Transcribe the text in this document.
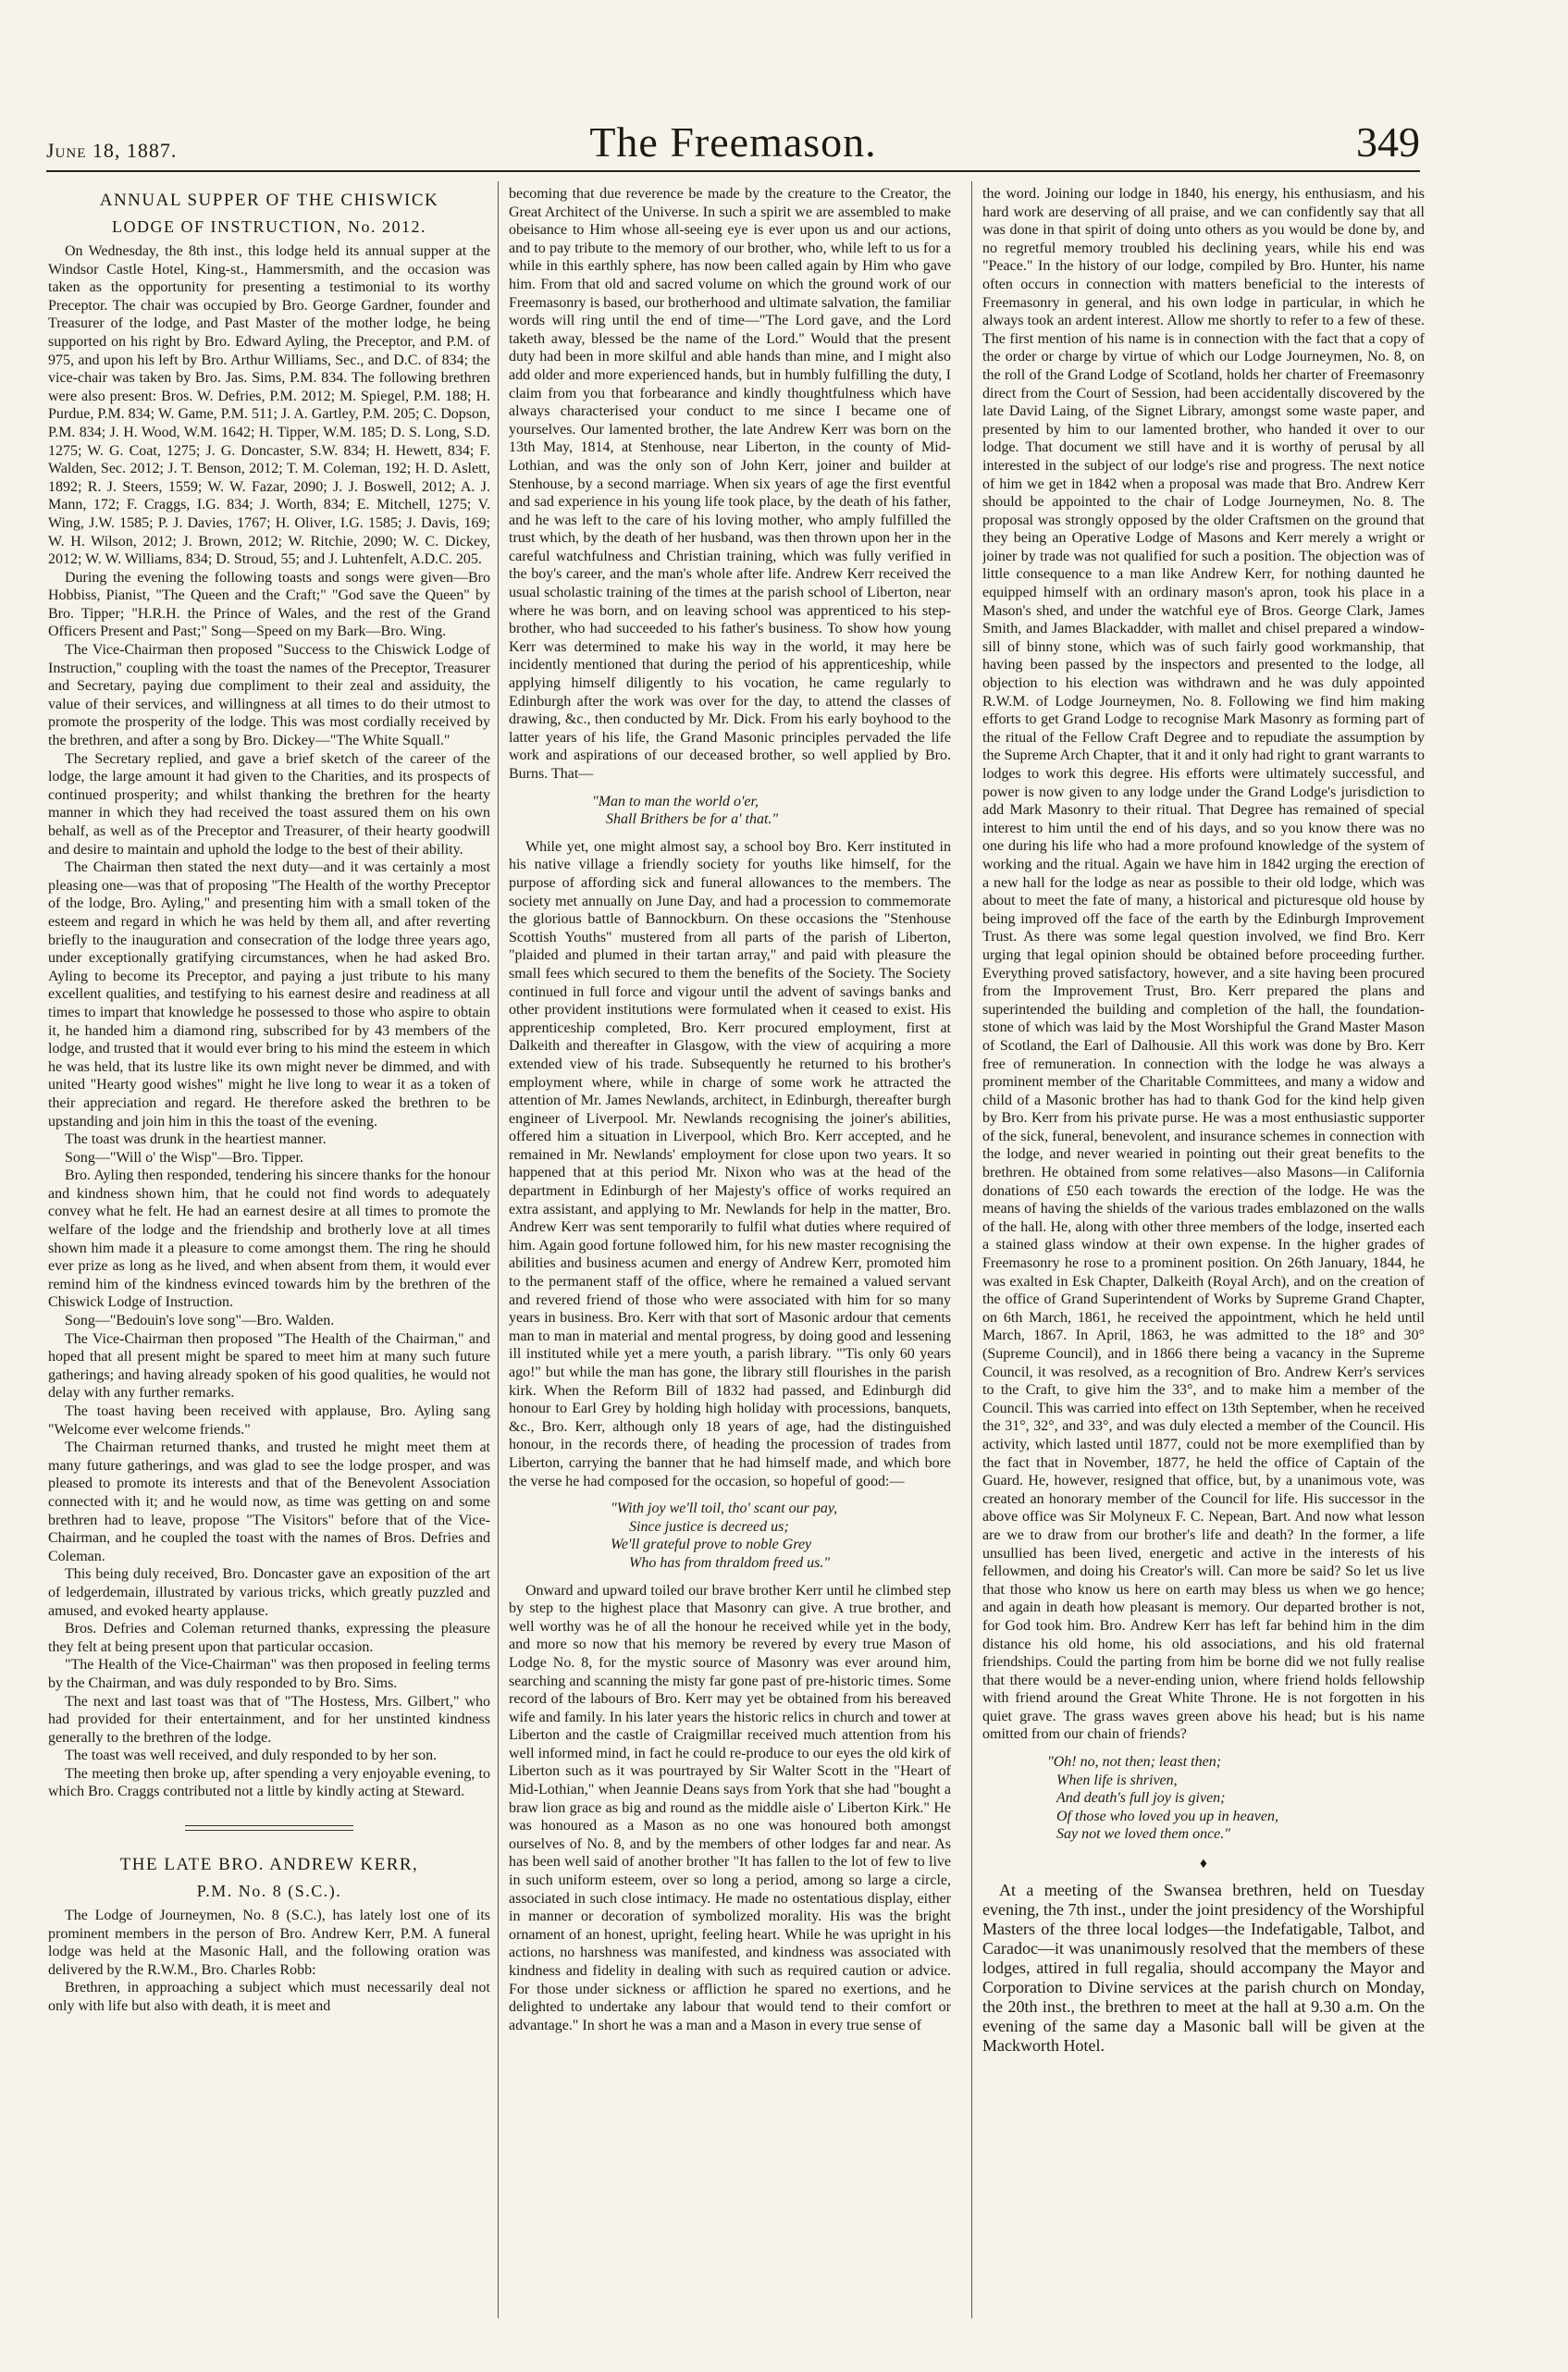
June 18, 1887.	The Freemason.	349
ANNUAL SUPPER OF THE CHISWICK
LODGE OF INSTRUCTION, No. 2012.

On Wednesday, the 8th inst., this lodge held its annual supper at the Windsor Castle Hotel, King-st., Hammersmith, and the occasion was taken as the opportunity for presenting a testimonial to its worthy Preceptor. The chair was occupied by Bro. George Gardner, founder and Treasurer of the lodge, and Past Master of the mother lodge, he being supported on his right by Bro. Edward Ayling, the Preceptor, and P.M. of 975, and upon his left by Bro. Arthur Williams, Sec., and D.C. of 834; the vice-chair was taken by Bro. Jas. Sims, P.M. 834. The following brethren were also present: Bros. W. Defries, P.M. 2012; M. Spiegel, P.M. 188; H. Purdue, P.M. 834; W. Game, P.M. 511; J. A. Gartley, P.M. 205; C. Dopson, P.M. 834; J. H. Wood, W.M. 1642; H. Tipper, W.M. 185; D. S. Long, S.D. 1275; W. G. Coat, 1275; J. G. Doncaster, S.W. 834; H. Hewett, 834; F. Walden, Sec. 2012; J. T. Benson, 2012; T. M. Coleman, 192; H. D. Aslett, 1892; R. J. Steers, 1559; W. W. Fazar, 2090; J. J. Boswell, 2012; A. J. Mann, 172; F. Craggs, I.G. 834; J. Worth, 834; E. Mitchell, 1275; V. Wing, J.W. 1585; P. J. Davies, 1767; H. Oliver, I.G. 1585; J. Davis, 169; W. H. Wilson, 2012; J. Brown, 2012; W. Ritchie, 2090; W. C. Dickey, 2012; W. W. Williams, 834; D. Stroud, 55; and J. Luhtenfelt, A.D.C. 205.

During the evening the following toasts and songs were given—Bro Hobbiss, Pianist, "The Queen and the Craft;" "God save the Queen" by Bro. Tipper; "H.R.H. the Prince of Wales, and the rest of the Grand Officers Present and Past;" Song—Speed on my Bark—Bro. Wing.

The Vice-Chairman then proposed "Success to the Chiswick Lodge of Instruction," coupling with the toast the names of the Preceptor, Treasurer and Secretary, paying due compliment to their zeal and assiduity, the value of their services, and willingness at all times to do their utmost to promote the prosperity of the lodge. This was most cordially received by the brethren, and after a song by Bro. Dickey—"The White Squall."

The Secretary replied, and gave a brief sketch of the career of the lodge, the large amount it had given to the Charities, and its prospects of continued prosperity; and whilst thanking the brethren for the hearty manner in which they had received the toast assured them on his own behalf, as well as of the Preceptor and Treasurer, of their hearty goodwill and desire to maintain and uphold the lodge to the best of their ability.

The Chairman then stated the next duty—and it was certainly a most pleasing one—was that of proposing "The Health of the worthy Preceptor of the lodge, Bro. Ayling," and presenting him with a small token of the esteem and regard in which he was held by them all, and after reverting briefly to the inauguration and consecration of the lodge three years ago, under exceptionally gratifying circumstances, when he had asked Bro. Ayling to become its Preceptor, and paying a just tribute to his many excellent qualities, and testifying to his earnest desire and readiness at all times to impart that knowledge he possessed to those who aspire to obtain it, he handed him a diamond ring, subscribed for by 43 members of the lodge, and trusted that it would ever bring to his mind the esteem in which he was held, that its lustre like its own might never be dimmed, and with united "Hearty good wishes" might he live long to wear it as a token of their appreciation and regard. He therefore asked the brethren to be upstanding and join him in this the toast of the evening.

The toast was drunk in the heartiest manner.

Song—"Will o' the Wisp"—Bro. Tipper.

Bro. Ayling then responded, tendering his sincere thanks for the honour and kindness shown him, that he could not find words to adequately convey what he felt. He had an earnest desire at all times to promote the welfare of the lodge and the friendship and brotherly love at all times shown him made it a pleasure to come amongst them. The ring he should ever prize as long as he lived, and when absent from them, it would ever remind him of the kindness evinced towards him by the brethren of the Chiswick Lodge of Instruction.

Song—"Bedouin's love song"—Bro. Walden.

The Vice-Chairman then proposed "The Health of the Chairman," and hoped that all present might be spared to meet him at many such future gatherings; and having already spoken of his good qualities, he would not delay with any further remarks.

The toast having been received with applause, Bro. Ayling sang "Welcome ever welcome friends."

The Chairman returned thanks, and trusted he might meet them at many future gatherings, and was glad to see the lodge prosper, and was pleased to promote its interests and that of the Benevolent Association connected with it; and he would now, as time was getting on and some brethren had to leave, propose "The Visitors" before that of the Vice-Chairman, and he coupled the toast with the names of Bros. Defries and Coleman.

This being duly received, Bro. Doncaster gave an exposition of the art of ledgerdemain, illustrated by various tricks, which greatly puzzled and amused, and evoked hearty applause.

Bros. Defries and Coleman returned thanks, expressing the pleasure they felt at being present upon that particular occasion.

"The Health of the Vice-Chairman" was then proposed in feeling terms by the Chairman, and was duly responded to by Bro. Sims.

The next and last toast was that of "The Hostess, Mrs. Gilbert," who had provided for their entertainment, and for her unstinted kindness generally to the brethren of the lodge.

The toast was well received, and duly responded to by her son.

The meeting then broke up, after spending a very enjoyable evening, to which Bro. Craggs contributed not a little by kindly acting at Steward.

THE LATE BRO. ANDREW KERR,
P.M. No. 8 (S.C.).

The Lodge of Journeymen, No. 8 (S.C.), has lately lost one of its prominent members in the person of Bro. Andrew Kerr, P.M. A funeral lodge was held at the Masonic Hall, and the following oration was delivered by the R.W.M., Bro. Charles Robb:

Brethren, in approaching a subject which must necessarily deal not only with life but also with death, it is meet and

becoming that due reverence be made by the creature to the Creator, the Great Architect of the Universe. In such a spirit we are assembled to make obeisance to Him whose all-seeing eye is ever upon us and our actions, and to pay tribute to the memory of our brother, who, while left to us for a while in this earthly sphere, has now been called again by Him who gave him. From that old and sacred volume on which the ground work of our Freemasonry is based, our brotherhood and ultimate salvation, the familiar words will ring until the end of time—"The Lord gave, and the Lord taketh away, blessed be the name of the Lord." Would that the present duty had been in more skilful and able hands than mine, and I might also add older and more experienced hands, but in humbly fulfilling the duty, I claim from you that forbearance and kindly thoughtfulness which have always characterised your conduct to me since I became one of yourselves. Our lamented brother, the late Andrew Kerr was born on the 13th May, 1814, at Stenhouse, near Liberton, in the county of Mid-Lothian, and was the only son of John Kerr, joiner and builder at Stenhouse, by a second marriage. When six years of age the first eventful and sad experience in his young life took place, by the death of his father, and he was left to the care of his loving mother, who amply fulfilled the trust which, by the death of her husband, was then thrown upon her in the careful watchfulness and Christian training, which was fully verified in the boy's career, and the man's whole after life. Andrew Kerr received the usual scholastic training of the times at the parish school of Liberton, near where he was born, and on leaving school was apprenticed to his step-brother, who had succeeded to his father's business. To show how young Kerr was determined to make his way in the world, it may here be incidently mentioned that during the period of his apprenticeship, while applying himself diligently to his vocation, he came regularly to Edinburgh after the work was over for the day, to attend the classes of drawing, &c., then conducted by Mr. Dick. From his early boyhood to the latter years of his life, the Grand Masonic principles pervaded the life work and aspirations of our deceased brother, so well applied by Bro. Burns. That—

"Man to man the world o'er,
Shall Brithers be for a' that."

While yet, one might almost say, a school boy Bro. Kerr instituted in his native village a friendly society for youths like himself, for the purpose of affording sick and funeral allowances to the members. The society met annually on June Day, and had a procession to commemorate the glorious battle of Bannockburn. On these occasions the "Stenhouse Scottish Youths" mustered from all parts of the parish of Liberton, "plaided and plumed in their tartan array," and paid with pleasure the small fees which secured to them the benefits of the Society. The Society continued in full force and vigour until the advent of savings banks and other provident institutions were formulated when it ceased to exist. His apprenticeship completed, Bro. Kerr procured employment, first at Dalkeith and thereafter in Glasgow, with the view of acquiring a more extended view of his trade. Subsequently he returned to his brother's employment where, while in charge of some work he attracted the attention of Mr. James Newlands, architect, in Edinburgh, thereafter burgh engineer of Liverpool. Mr. Newlands recognising the joiner's abilities, offered him a situation in Liverpool, which Bro. Kerr accepted, and he remained in Mr. Newlands' employment for close upon two years. It so happened that at this period Mr. Nixon who was at the head of the department in Edinburgh of her Majesty's office of works required an extra assistant, and applying to Mr. Newlands for help in the matter, Bro. Andrew Kerr was sent temporarily to fulfil what duties where required of him. Again good fortune followed him, for his new master recognising the abilities and business acumen and energy of Andrew Kerr, promoted him to the permanent staff of the office, where he remained a valued servant and revered friend of those who were associated with him for so many years in business. Bro. Kerr with that sort of Masonic ardour that cements man to man in material and mental progress, by doing good and lessening ill instituted while yet a mere youth, a parish library. "'Tis only 60 years ago!" but while the man has gone, the library still flourishes in the parish kirk. When the Reform Bill of 1832 had passed, and Edinburgh did honour to Earl Grey by holding high holiday with processions, banquets, &c., Bro. Kerr, although only 18 years of age, had the distinguished honour, in the records there, of heading the procession of trades from Liberton, carrying the banner that he had himself made, and which bore the verse he had composed for the occasion, so hopeful of good:—

"With joy we'll toil, tho' scant our pay,
Since justice is decreed us;
We'll grateful prove to noble Grey
Who has from thraldom freed us."

Onward and upward toiled our brave brother Kerr until he climbed step by step to the highest place that Masonry can give. A true brother, and well worthy was he of all the honour he received while yet in the body, and more so now that his memory be revered by every true Mason of Lodge No. 8, for the mystic source of Masonry was ever around him, searching and scanning the misty far gone past of pre-historic times. Some record of the labours of Bro. Kerr may yet be obtained from his bereaved wife and family. In his later years the historic relics in church and tower at Liberton and the castle of Craigmillar received much attention from his well informed mind, in fact he could re-produce to our eyes the old kirk of Liberton such as it was pourtrayed by Sir Walter Scott in the "Heart of Mid-Lothian," when Jeannie Deans says from York that she had "bought a braw lion grace as big and round as the middle aisle o' Liberton Kirk." He was honoured as a Mason as no one was honoured both amongst ourselves of No. 8, and by the members of other lodges far and near. As has been well said of another brother "It has fallen to the lot of few to live in such uniform esteem, over so long a period, among so large a circle, associated in such close intimacy. He made no ostentatious display, either in manner or decoration of symbolized morality. His was the bright ornament of an honest, upright, feeling heart. While he was upright in his actions, no harshness was manifested, and kindness was associated with kindness and fidelity in dealing with such as required caution or advice. For those under sickness or affliction he spared no exertions, and he delighted to undertake any labour that would tend to their comfort or advantage." In short he was a man and a Mason in every true sense of

the word. Joining our lodge in 1840, his energy, his enthusiasm, and his hard work are deserving of all praise, and we can confidently say that all was done in that spirit of doing unto others as you would be done by, and no regretful memory troubled his declining years, while his end was "Peace." In the history of our lodge, compiled by Bro. Hunter, his name often occurs in connection with matters beneficial to the interests of Freemasonry in general, and his own lodge in particular, in which he always took an ardent interest. Allow me shortly to refer to a few of these. The first mention of his name is in connection with the fact that a copy of the order or charge by virtue of which our Lodge Journeymen, No. 8, on the roll of the Grand Lodge of Scotland, holds her charter of Freemasonry direct from the Court of Session, had been accidentally discovered by the late David Laing, of the Signet Library, amongst some waste paper, and presented by him to our lamented brother, who handed it over to our lodge. That document we still have and it is worthy of perusal by all interested in the subject of our lodge's rise and progress. The next notice of him we get in 1842 when a proposal was made that Bro. Andrew Kerr should be appointed to the chair of Lodge Journeymen, No. 8. The proposal was strongly opposed by the older Craftsmen on the ground that they being an Operative Lodge of Masons and Kerr merely a wright or joiner by trade was not qualified for such a position. The objection was of little consequence to a man like Andrew Kerr, for nothing daunted he equipped himself with an ordinary mason's apron, took his place in a Mason's shed, and under the watchful eye of Bros. George Clark, James Smith, and James Blackadder, with mallet and chisel prepared a window-sill of binny stone, which was of such fairly good workmanship, that having been passed by the inspectors and presented to the lodge, all objection to his election was withdrawn and he was duly appointed R.W.M. of Lodge Journeymen, No. 8. Following we find him making efforts to get Grand Lodge to recognise Mark Masonry as forming part of the ritual of the Fellow Craft Degree and to repudiate the assumption by the Supreme Arch Chapter, that it and it only had right to grant warrants to lodges to work this degree. His efforts were ultimately successful, and power is now given to any lodge under the Grand Lodge's jurisdiction to add Mark Masonry to their ritual. That Degree has remained of special interest to him until the end of his days, and so you know there was no one during his life who had a more profound knowledge of the system of working and the ritual. Again we have him in 1842 urging the erection of a new hall for the lodge as near as possible to their old lodge, which was about to meet the fate of many, a historical and picturesque old house by being improved off the face of the earth by the Edinburgh Improvement Trust. As there was some legal question involved, we find Bro. Kerr urging that legal opinion should be obtained before proceeding further. Everything proved satisfactory, however, and a site having been procured from the Improvement Trust, Bro. Kerr prepared the plans and superintended the building and completion of the hall, the foundation-stone of which was laid by the Most Worshipful the Grand Master Mason of Scotland, the Earl of Dalhousie. All this work was done by Bro. Kerr free of remuneration. In connection with the lodge he was always a prominent member of the Charitable Committees, and many a widow and child of a Masonic brother has had to thank God for the kind help given by Bro. Kerr from his private purse. He was a most enthusiastic supporter of the sick, funeral, benevolent, and insurance schemes in connection with the lodge, and never wearied in pointing out their great benefits to the brethren. He obtained from some relatives—also Masons—in California donations of £50 each towards the erection of the lodge. He was the means of having the shields of the various trades emblazoned on the walls of the hall. He, along with other three members of the lodge, inserted each a stained glass window at their own expense. In the higher grades of Freemasonry he rose to a prominent position. On 26th January, 1844, he was exalted in Esk Chapter, Dalkeith (Royal Arch), and on the creation of the office of Grand Superintendent of Works by Supreme Grand Chapter, on 6th March, 1861, he received the appointment, which he held until March, 1867. In April, 1863, he was admitted to the 18° and 30° (Supreme Council), and in 1866 there being a vacancy in the Supreme Council, it was resolved, as a recognition of Bro. Andrew Kerr's services to the Craft, to give him the 33°, and to make him a member of the Council. This was carried into effect on 13th September, when he received the 31°, 32°, and 33°, and was duly elected a member of the Council. His activity, which lasted until 1877, could not be more exemplified than by the fact that in November, 1877, he held the office of Captain of the Guard. He, however, resigned that office, but, by a unanimous vote, was created an honorary member of the Council for life. His successor in the above office was Sir Molyneux F. C. Nepean, Bart. And now what lesson are we to draw from our brother's life and death? In the former, a life unsullied has been lived, energetic and active in the interests of his fellowmen, and doing his Creator's will. Can more be said? So let us live that those who know us here on earth may bless us when we go hence; and again in death how pleasant is memory. Our departed brother is not, for God took him. Bro. Andrew Kerr has left far behind him in the dim distance his old home, his old associations, and his old fraternal friendships. Could the parting from him be borne did we not fully realise that there would be a never-ending union, where friend holds fellowship with friend around the Great White Throne. He is not forgotten in his quiet grave. The grass waves green above his head; but is his name omitted from our chain of friends?

"Oh! no, not then; least then;
When life is shriven,
And death's full joy is given;
Of those who loved you up in heaven,
Say not we loved them once."
♦

At a meeting of the Swansea brethren, held on Tuesday evening, the 7th inst., under the joint presidency of the Worshipful Masters of the three local lodges—the Indefatigable, Talbot, and Caradoc—it was unanimously resolved that the members of these lodges, attired in full regalia, should accompany the Mayor and Corporation to Divine services at the parish church on Monday, the 20th inst., the brethren to meet at the hall at 9.30 a.m. On the evening of the same day a Masonic ball will be given at the Mackworth Hotel.
